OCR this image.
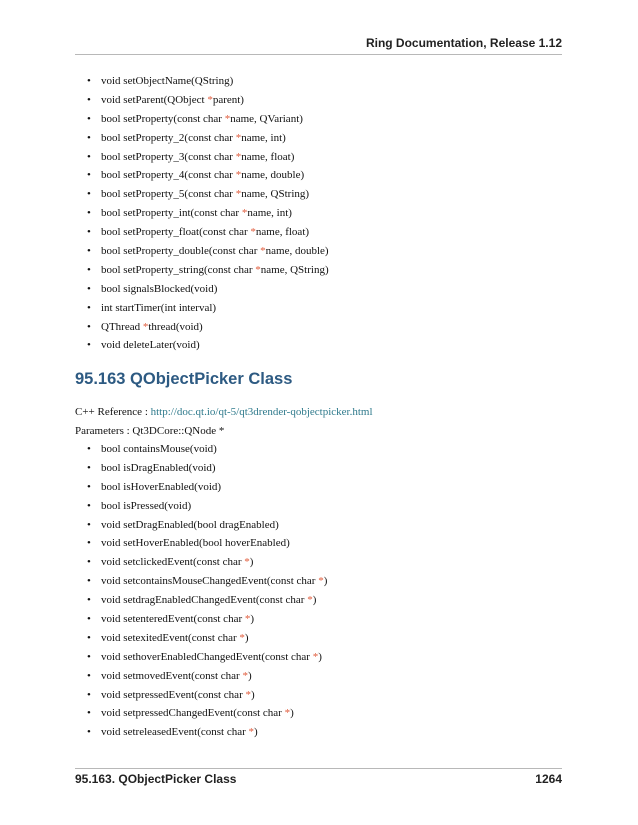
Ring Documentation, Release 1.12
• void setObjectName(QString)
• void setParent(QObject *parent)
• bool setProperty(const char *name, QVariant)
• bool setProperty_2(const char *name, int)
• bool setProperty_3(const char *name, float)
• bool setProperty_4(const char *name, double)
• bool setProperty_5(const char *name, QString)
• bool setProperty_int(const char *name, int)
• bool setProperty_float(const char *name, float)
• bool setProperty_double(const char *name, double)
• bool setProperty_string(const char *name, QString)
• bool signalsBlocked(void)
• int startTimer(int interval)
• QThread *thread(void)
• void deleteLater(void)
95.163 QObjectPicker Class
C++ Reference : http://doc.qt.io/qt-5/qt3drender-qobjectpicker.html
Parameters : Qt3DCore::QNode *
• bool containsMouse(void)
• bool isDragEnabled(void)
• bool isHoverEnabled(void)
• bool isPressed(void)
• void setDragEnabled(bool dragEnabled)
• void setHoverEnabled(bool hoverEnabled)
• void setclickedEvent(const char *)
• void setcontainsMouseChangedEvent(const char *)
• void setdragEnabledChangedEvent(const char *)
• void setenteredEvent(const char *)
• void setexitedEvent(const char *)
• void sethoverEnabledChangedEvent(const char *)
• void setmovedEvent(const char *)
• void setpressedEvent(const char *)
• void setpressedChangedEvent(const char *)
• void setreleasedEvent(const char *)
95.163. QObjectPicker Class	1264
